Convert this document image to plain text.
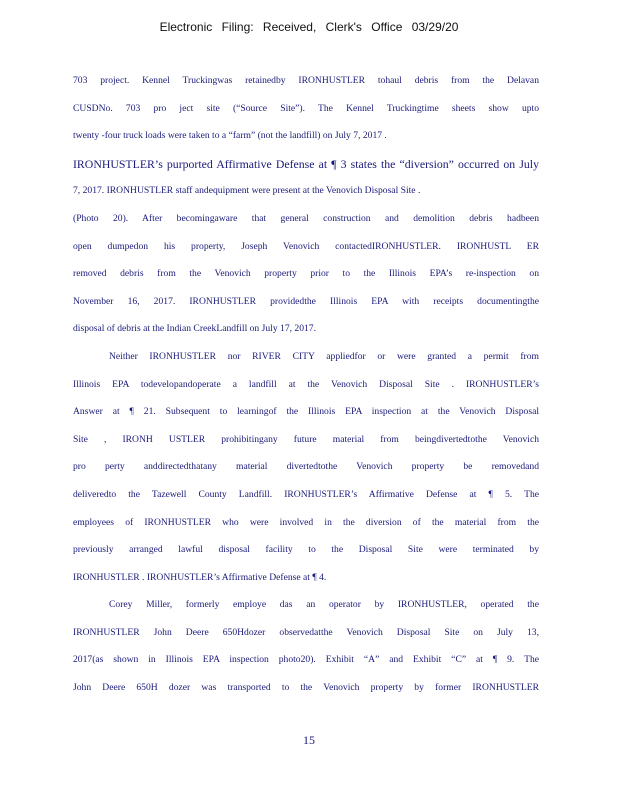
Electronic Filing: Received, Clerk's Office 03/29/20
703 project. Kennel Truckingwas retainedby IRONHUSTLER tohaul debris from the Delavan
CUSDNo. 703 pro ject site (“Source Site”). The Kennel Truckingtime sheets show upto
twenty -four truck loads were taken to a “farm” (not the landfill) on July 7, 2017 .
IRONHUSTLER’s purported Affirmative Defense at ¶ 3 states the “diversion” occurred on July
7, 2017. IRONHUSTLER staff andequipment were present at the Venovich Disposal Site .
(Photo 20). After becomingaware that general construction and demolition debris hadbeen
open dumpedon his property, Joseph Venovich contactedIRONHUSTLER. IRONHUSTL ER
removed debris from the Venovich property prior to the Illinois EPA’s re-inspection on
November 16, 2017. IRONHUSTLER providedthe Illinois EPA with receipts documentingthe
disposal of debris at the Indian CreekLandfill on July 17, 2017.
Neither IRONHUSTLER nor RIVER CITY appliedfor or were granted a permit from
Illinois EPA todevelopandoperate a landfill at the Venovich Disposal Site . IRONHUSTLER’s
Answer at ¶ 21. Subsequent to learningof the Illinois EPA inspection at the Venovich Disposal
Site , IRONH USTLER prohibitingany future material from beingdivertedtothe Venovich
pro perty anddirectedthatany material divertedtothe Venovich property be removedand
deliveredto the Tazewell County Landfill. IRONHUSTLER’s Affirmative Defense at ¶ 5. The
employees of IRONHUSTLER who were involved in the diversion of the material from the
previously arranged lawful disposal facility to the Disposal Site were terminated by
IRONHUSTLER . IRONHUSTLER’s Affirmative Defense at ¶ 4.
Corey Miller, formerly employe das an operator by IRONHUSTLER, operated the
IRONHUSTLER John Deere 650Hdozer observedatthe Venovich Disposal Site on July 13,
2017(as shown in Illinois EPA inspection photo20). Exhibit “A” and Exhibit “C” at ¶ 9. The
John Deere 650H dozer was transported to the Venovich property by former IRONHUSTLER
15
